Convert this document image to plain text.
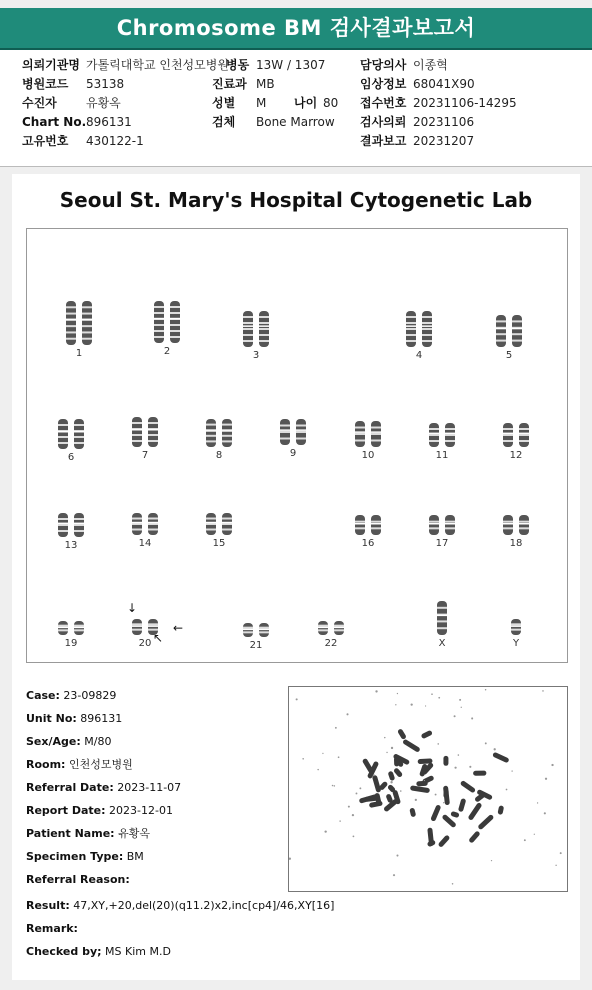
Chromosome BM 검사결과보고서
의뢰기관명 가톨릭대학교 인천성모병원
병동 13W / 1307	담당의사 이종혁
병원코드 53138	진료과 MB	임상정보 68041X90
수진자 유황옥	성별 M 나이 80 접수번호 20231106-14295
Chart No. 896131	검체 Bone Marrow 검사의뢰 20231106
고유번호 430122-1	결과보고 20231207
Seoul St. Mary's Hospital Cytogenetic Lab
1	2	3	4	5
6	7	8	9	10	11	12
13	14	15	16	17	18
19	20	21	22	X	Y
↓
↖
←
Case: 23-09829
Unit No: 896131
Sex/Age: M/80
Room: 인천성모병원
Referral Date: 2023-11-07
Report Date: 2023-12-01
Patient Name: 유황옥
Specimen Type: BM
Referral Reason:
Result: 47,XY,+20,del(20)(q11.2)x2,inc[cp4]/46,XY[16]
Remark:
Checked by; MS Kim M.D
